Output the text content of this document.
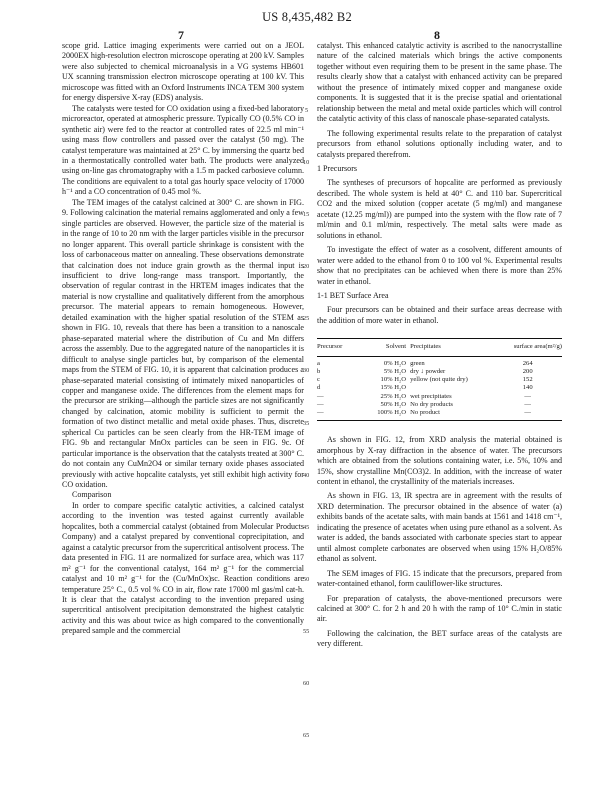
US 8,435,482 B2
7	8

scope grid. Lattice imaging experiments were carried out on a JEOL 2000EX high-resolution electron microscope operating at 200 kV. Samples were also subjected to chemical microanalysis in a VG systems HB601 UX scanning transmission electron microscope operating at 100 kV. This microscope was fitted with an Oxford Instruments INCA TEM 300 system for energy dispersive X-ray (EDS) analysis.

The catalysts were tested for CO oxidation using a fixed-bed laboratory microreactor, operated at atmospheric pressure. Typically CO (0.5% CO in synthetic air) were fed to the reactor at controlled rates of 22.5 ml min⁻¹ using mass flow controllers and passed over the catalyst (50 mg). The catalyst temperature was maintained at 25° C. by immersing the quartz bed in a thermostatically controlled water bath. The products were analyzed using on-line gas chromatography with a 1.5 m packed carbosieve column. The conditions are equivalent to a total gas hourly space velocity of 17000 h⁻¹ and a CO concentration of 0.45 mol %.

The TEM images of the catalyst calcined at 300° C. are shown in FIG. 9. Following calcination the material remains agglomerated and only a few single particles are observed. However, the particle size of the material is in the range of 10 to 20 nm with the larger particles visible in the precursor no longer apparent. This overall particle shrinkage is consistent with the loss of carbonaceous matter on annealing. These observations demonstrate that calcination does not induce grain growth as the thermal input is insufficient to drive long-range mass transport. Importantly, the observation of regular contrast in the HRTEM images indicates that the material is now crystalline and qualitatively different from the amorphous precursor. The material appears to remain homogeneous. However, detailed examination with the higher spatial resolution of the STEM as shown in FIG. 10, reveals that there has been a transition to a nanoscale phase-separated material where the distribution of Cu and Mn differs across the assembly. Due to the aggregated nature of the nanoparticles it is difficult to analyse single particles but, by comparison of the elemental maps from the STEM of FIG. 10, it is apparent that calcination produces a phase-separated material consisting of intimately mixed nanoparticles of copper and manganese oxide. The differences from the element maps for the precursor are striking—although the particle sizes are not significantly changed by calcination, atomic mobility is sufficient to permit the formation of two distinct metallic and metal oxide phases. Thus, discrete spherical Cu particles can be seen clearly from the HR-TEM image of FIG. 9b and rectangular MnOx particles can be seen in FIG. 9c. Of particular importance is the observation that the catalysts treated at 300° C. do not contain any CuMn2O4 or similar ternary oxide phases associated previously with active hopcalite catalysts, yet still exhibit high activity for CO oxidation.

Comparison

In order to compare specific catalytic activities, a calcined catalyst according to the invention was tested against currently available hopcalites, both a commercial catalyst (obtained from Molecular Products Company) and a catalyst prepared by conventional coprecipitation, and against a catalytic precursor from the supercritical antisolvent process. The data presented in FIG. 11 are normalized for surface area, which was 117 m² g⁻¹ for the conventional catalyst, 164 m² g⁻¹ for the commercial catalyst and 10 m² g⁻¹ for the (Cu/MnOx)sc. Reaction conditions are temperature 25° C., 0.5 vol % CO in air, flow rate 17000 ml gas/ml cat-h. It is clear that the catalyst according to the invention prepared using supercritical antisolvent precipitation demonstrated the highest catalytic activity and this was about twice as high compared to the conventionally prepared sample and the commercial

catalyst. This enhanced catalytic activity is ascribed to the nanocrystalline nature of the calcined materials which brings the active components together without even requiring them to be present in the same phase. The results clearly show that a catalyst with enhanced activity can be prepared without the presence of intimately mixed copper and manganese oxide components. It is suggested that it is the precise spatial and orientational relationship between the metal and metal oxide particles which will control the catalytic activity of this class of nanoscale phase-separated catalysts.

The following experimental results relate to the preparation of catalyst precursors from ethanol solutions optionally including water, and to catalysts prepared therefrom.

1 Precursors

The syntheses of precursors of hopcalite are performed as previously described. The whole system is held at 40° C. and 110 bar. Supercritical CO2 and the mixed solution (copper acetate (5 mg/ml) and manganese acetate (12.25 mg/ml)) are pumped into the system with the flow rate of 7 ml/min and 0.1 ml/min, respectively. The metal salts were made as solutions in ethanol.

To investigate the effect of water as a cosolvent, different amounts of water were added to the ethanol from 0 to 100 vol %. Experimental results show that no precipitates can be achieved when there is more than 25% water in ethanol.

1-1 BET Surface Area

Four precursors can be obtained and their surface areas decrease with the addition of more water in ethanol.

Precursor	Solvent	Precipitates	surface area(m²/g)
a	0% H₂O	green	264
b	5% H₂O	dry ↓ powder	200
c	10% H₂O	yellow (not quite dry)	152
d	15% H₂O		140
—	25% H₂O	wet precipitates	—
—	50% H₂O	No dry products	—
—	100% H₂O	No product	—

As shown in FIG. 12, from XRD analysis the material obtained is amorphous by X-ray diffraction in the absence of water. The precursors which are obtained from the solutions containing water, i.e. 5%, 10% and 15%, show crystalline Mn(CO3)2. In addition, with the increase of water content in ethanol, the crystallinity of the materials increases.

As shown in FIG. 13, IR spectra are in agreement with the results of XRD determination. The precursor obtained in the absence of water (a) exhibits bands of the acetate salts, with main bands at 1561 and 1418 cm⁻¹, indicating the presence of acetates when using pure ethanol as a solvent. As water is added, the bands associated with carbonate species start to appear until almost complete carbonates are observed when using 15% H₂O/85% ethanol as solvent.

The SEM images of FIG. 15 indicate that the precursors, prepared from water-contained ethanol, form cauliflower-like structures.

For preparation of catalysts, the above-mentioned precursors were calcined at 300° C. for 2 h and 20 h with the ramp of 10° C./min in static air.

Following the calcination, the BET surface areas of the catalysts are very different.

5
10
15
20
25
30
35
40
45
50
55
60
65
